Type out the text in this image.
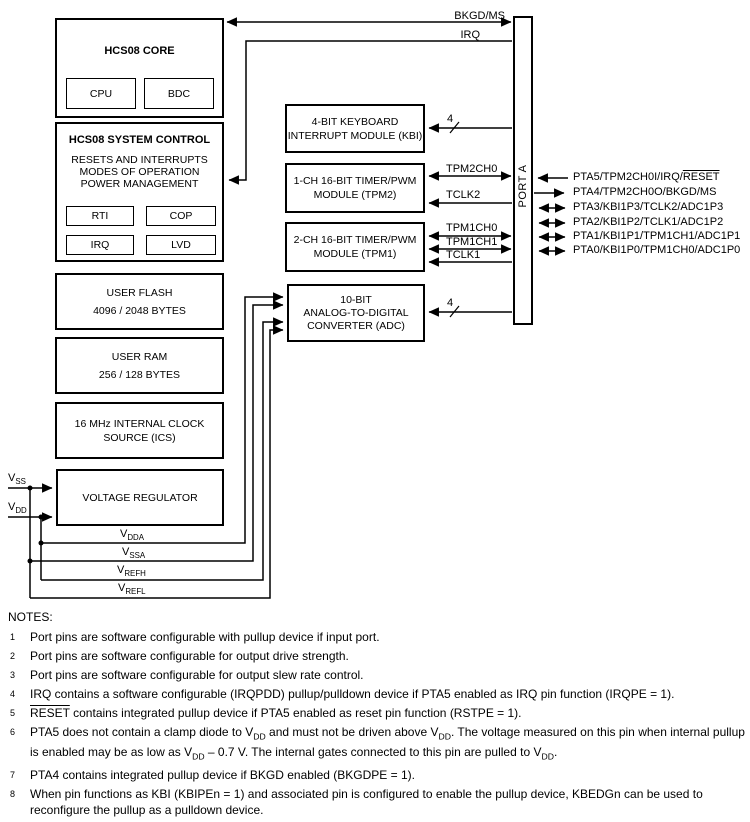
HCS08 CORE
CPU	BDC
HCS08 SYSTEM CONTROL
RESETS AND INTERRUPTS
MODES OF OPERATION
POWER MANAGEMENT
RTI	COP
IRQ	LVD
USER FLASH
4096 / 2048 BYTES
USER RAM
256 / 128 BYTES
16 MHz INTERNAL CLOCK
SOURCE (ICS)
VOLTAGE REGULATOR
4-BIT KEYBOARD
INTERRUPT MODULE (KBI)
1-CH 16-BIT TIMER/PWM
MODULE (TPM2)
2-CH 16-BIT TIMER/PWM
MODULE (TPM1)
10-BIT
ANALOG-TO-DIGITAL
CONVERTER (ADC)
PORT A
BKGD/MS
IRQ
4
4
TPM2CH0
TCLK2
TPM1CH0
TPM1CH1
TCLK1
$V_{SS}$
$V_{DD}$
$V_{DDA}$
$V_{SSA}$
$V_{REFH}$
$V_{REFL}$
PTA5/TPM2CH0I/IRQ/RESET
PTA4/TPM2CH0O/BKGD/MS
PTA3/KBI1P3/TCLK2/ADC1P3
PTA2/KBI1P2/TCLK1/ADC1P2
PTA1/KBI1P1/TPM1CH1/ADC1P1
PTA0/KBI1P0/TPM1CH0/ADC1P0
NOTES:
1 Port pins are software configurable with pullup device if input port.
2 Port pins are software configurable for output drive strength.
3 Port pins are software configurable for output slew rate control.
4 IRQ contains a software configurable (IRQPDD) pullup/pulldown device if PTA5 enabled as IRQ pin function (IRQPE = 1).
5 RESET contains integrated pullup device if PTA5 enabled as reset pin function (RSTPE = 1).
6 PTA5 does not contain a clamp diode to $V_{DD}$ and must not be driven above $V_{DD}$. The voltage measured on this pin when internal pullup is enabled may be as low as $V_{DD} - 0.7$ V. The internal gates connected to this pin are pulled to $V_{DD}$.
7 PTA4 contains integrated pullup device if BKGD enabled (BKGDPE = 1).
8 When pin functions as KBI (KBIPEn = 1) and associated pin is configured to enable the pullup device, KBEDGn can be used to reconfigure the pullup as a pulldown device.
